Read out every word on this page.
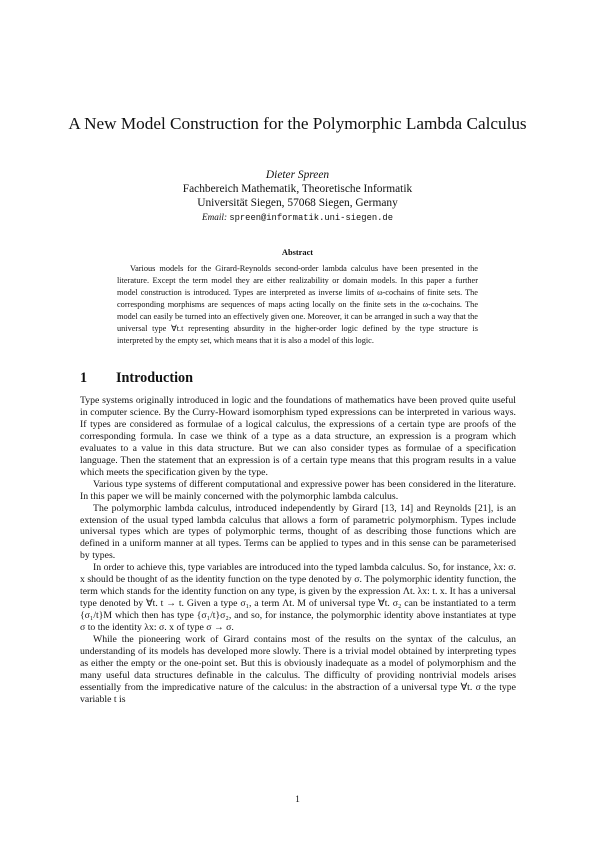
A New Model Construction for the Polymorphic Lambda Calculus
Dieter Spreen
Fachbereich Mathematik, Theoretische Informatik
Universität Siegen, 57068 Siegen, Germany
Email: spreen@informatik.uni-siegen.de
Abstract

Various models for the Girard-Reynolds second-order lambda calculus have been presented in the literature. Except the term model they are either realizability or domain models. In this paper a further model construction is introduced. Types are interpreted as inverse limits of ω-cochains of finite sets. The corresponding morphisms are sequences of maps acting locally on the finite sets in the ω-cochains. The model can easily be turned into an effectively given one. Moreover, it can be arranged in such a way that the universal type ∀t.t representing absurdity in the higher-order logic defined by the type structure is interpreted by the empty set, which means that it is also a model of this logic.

1 Introduction

Type systems originally introduced in logic and the foundations of mathematics have been proved quite useful in computer science. By the Curry-Howard isomorphism typed expressions can be interpreted in various ways. If types are considered as formulae of a logical calculus, the expressions of a certain type are proofs of the corresponding formula. In case we think of a type as a data structure, an expression is a program which evaluates to a value in this data structure. But we can also consider types as formulae of a specification language. Then the statement that an expression is of a certain type means that this program results in a value which meets the specification given by the type.

Various type systems of different computational and expressive power has been considered in the literature. In this paper we will be mainly concerned with the polymorphic lambda calculus.

The polymorphic lambda calculus, introduced independently by Girard [13, 14] and Reynolds [21], is an extension of the usual typed lambda calculus that allows a form of parametric polymorphism. Types include universal types which are types of polymorphic terms, thought of as describing those functions which are defined in a uniform manner at all types. Terms can be applied to types and in this sense can be parameterised by types.

In order to achieve this, type variables are introduced into the typed lambda calculus. So, for instance, λx: σ. x should be thought of as the identity function on the type denoted by σ. The polymorphic identity function, the term which stands for the identity function on any type, is given by the expression Λt. λx: t. x. It has a universal type denoted by ∀t. t → t. Given a type σ₁, a term Λt. M of universal type ∀t. σ₂ can be instantiated to a term {σ₁/t}M which then has type {σ₁/t}σ₂, and so, for instance, the polymorphic identity above instantiates at type σ to the identity λx: σ. x of type σ → σ.

While the pioneering work of Girard contains most of the results on the syntax of the calculus, an understanding of its models has developed more slowly. There is a trivial model obtained by interpreting types as either the empty or the one-point set. But this is obviously inadequate as a model of polymorphism and the many useful data structures definable in the calculus. The difficulty of providing nontrivial models arises essentially from the impredicative nature of the calculus: in the abstraction of a universal type ∀t. σ the type variable t is

1
